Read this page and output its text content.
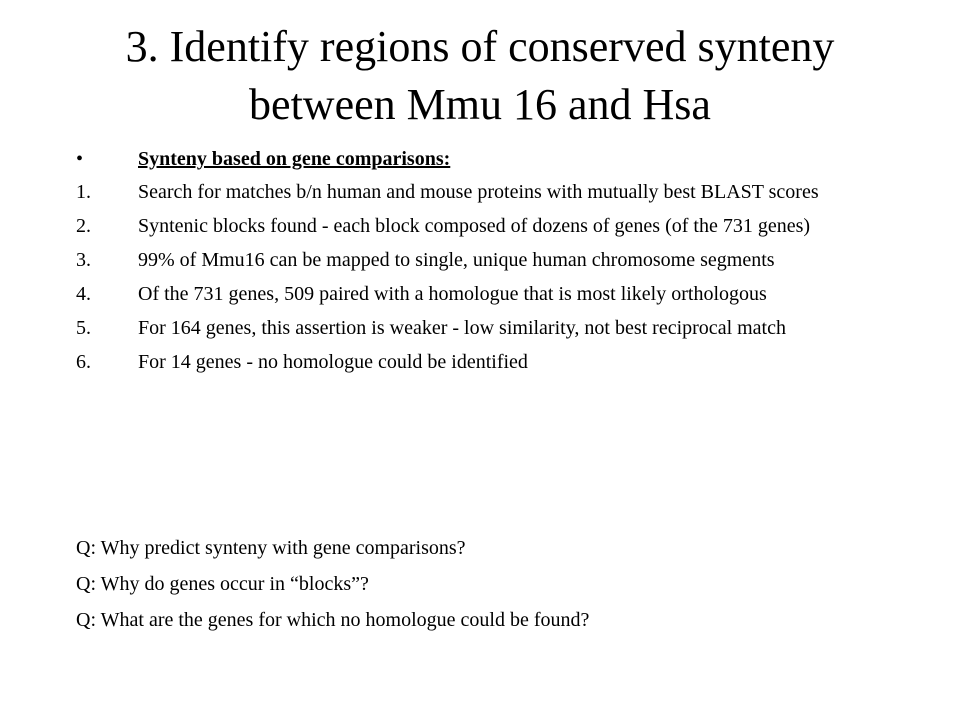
3. Identify regions of conserved synteny between Mmu 16 and Hsa
•	Synteny based on gene comparisons:
1.	Search for matches b/n human and mouse proteins with mutually best BLAST scores
2.	Syntenic blocks found - each block composed of dozens of genes (of the 731 genes)
3.	99% of Mmu16 can be mapped to single, unique human chromosome segments
4.	Of the 731 genes, 509 paired with a homologue that is most likely orthologous
5.	For 164 genes, this assertion is weaker - low similarity, not best reciprocal match
6.	For 14 genes - no homologue could be identified
Q: Why predict synteny with gene comparisons?
Q: Why do genes occur in “blocks”?
Q: What are the genes for which no homologue could be found?
